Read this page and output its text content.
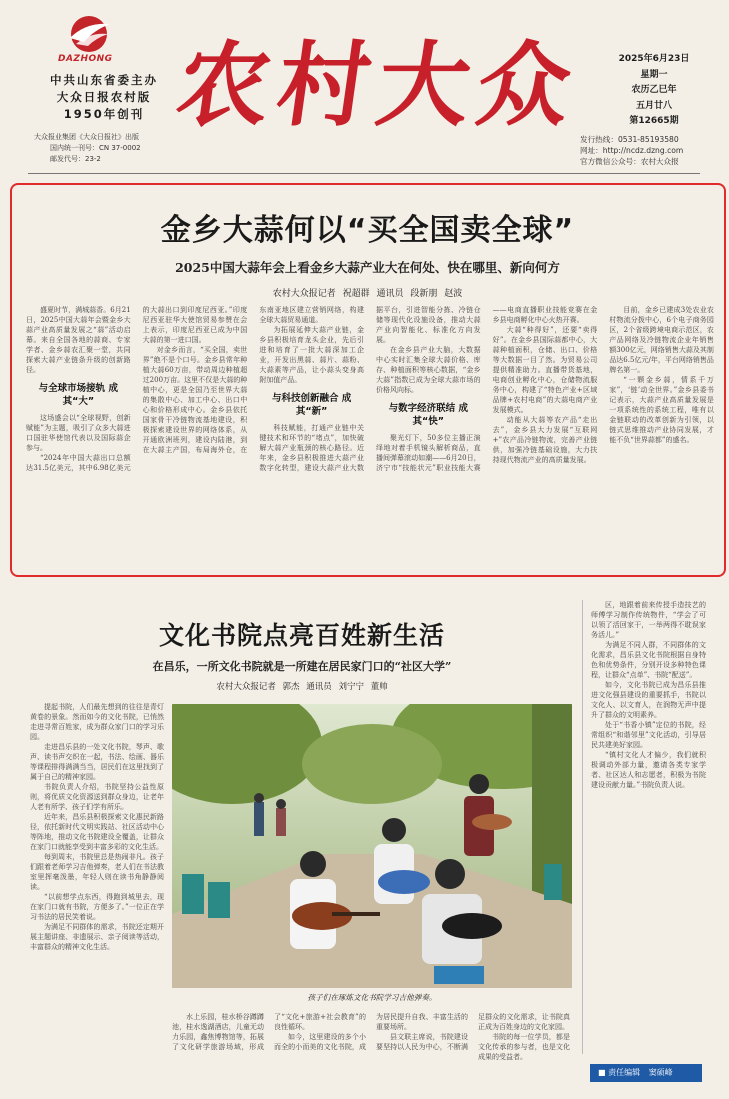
DAZHONG
中共山东省委主办
大众日报农村版
1950年创刊
大众报业集团《大众日报社》出版
国内统一刊号：CN 37-0002
邮发代号：23-2
农
村
大
众	2025年6月23日
星期一
农历乙巳年
五月廿八
第12665期
发行热线：0531-85193580
网址：http://ncdz.dzng.com
官方微信公众号：农村大众报
金乡大蒜何以“买全国卖全球”
2025中国大蒜年会上看金乡大蒜产业大在何处、快在哪里、新向何方
农村大众报记者 祝超群 通讯员 段新朋 赵波

盛夏时节，满城蒜香。6月21日，2025中国大蒜年会暨金乡大蒜产业高质量发展之“蒜”活动启幕。来自全国各地的蒜商、专家学者、金乡蒜农汇聚一堂，共同探索大蒜产业链条升级的创新路径。

与全球市场接轨 成其“大”

这场盛会以“全球视野，创新赋能”为主题，吸引了众多大蒜进口国驻华使馆代表以及国际蒜企参与。

“2024年中国大蒜出口总额达31.5亿美元，其中6.98亿美元的大蒜出口到印度尼西亚。”印度尼西亚驻华大使馆贸易参赞在会上表示，印度尼西亚已成为中国大蒜的第一进口国。

对金乡而言，“买全国，卖世界”绝不是个口号。金乡县常年种植大蒜60万亩，带动周边种植超过200万亩。这里不仅是大蒜的种植中心，更是全国乃至世界大蒜的集散中心、加工中心、出口中心和价格形成中心。金乡县依托国家骨干冷链物流基地建设，积极探索建设世界的网络体系，从开通欧洲班列，建设内陆港，到在大蒜主产国，布局海外仓，在东南亚地区建立营销网络，构建全球大蒜贸易通道。

为拓展延伸大蒜产业链，金乡县积极培育龙头企业，先后引进和培育了一批大蒜深加工企业，开发出黑蒜、蒜片、蒜粉、大蒜素等产品，让小蒜头变身高附加值产品。

与科技创新融合 成其“新”

科技赋能，打通产业链中关键技术和环节的“堵点”，加快破解大蒜产业瓶颈的核心路径。近年来，金乡县积极推进大蒜产业数字化转型，建设大蒜产业大数据平台，引进智能分拣、冷链仓储等现代化设施设备，推动大蒜产业向智能化、标准化方向发展。

在金乡县产业大脑，大数据中心实时汇集全球大蒜价格、库存、种植面积等核心数据，“金乡大蒜”指数已成为全球大蒜市场的价格风向标。

与数字经济联结 成其“快”

聚光灯下，50多位主播正演绎地对着手机镜头解析商品，直播间弹幕滚动如潮——6月20日，济宁市“技能状元”职业技能大赛——电商直播职业技能竞赛在金乡县电商孵化中心火热开赛。

大蒜“种得好”，还要“卖得好”。在金乡县国际蒜都中心，大蒜种植面积，仓储、出口、价格等大数据一目了然。为贸易公司提供精准助力。直播带货基地，电商创业孵化中心，仓储物流服务中心，构建了“特色产业+区域品牌+农村电商”的大蒜电商产业发展模式。

动能从大蒜等农产品“走出去”，金乡县大力发展“互联网+”农产品冷链物流，完善产业链供，加强冷链基础设施，大力扶持现代物流产业的高质量发展。

目前，金乡已建成3处农业农村物流分拨中心，6个电子商务园区，2个省级跨境电商示范区，农产品网络及冷链物流企业年销售额300亿元，网络销售大蒜及其制品达6.5亿元/年，平台网络销售品牌名第一。

“一颗金乡蒜，情系千万家”，‘链’动全世界。”金乡县委书记表示，大蒜产业高质量发展是一项系统性的系统工程，唯有以金链联动的改革创新为引领，以链式思维推动产业协同发展，才能不负“世界蒜都”的盛名。

文化书院点亮百姓新生活
在昌乐，一所文化书院就是一所建在居民家门口的“社区大学”
农村大众报记者 郭杰 通讯员 刘宁宁 董帅

提起书院，人们最先想到的往往是青灯黄卷的景象。然而如今的文化书院，已悄然走进寻常百姓家，成为群众家门口的学习乐园。

走进昌乐县的一处文化书院，琴声、歌声、读书声交织在一起，书法、绘画、器乐等课程排得满满当当，居民们在这里找到了属于自己的精神家园。

书院负责人介绍，书院坚持公益性原则，将优质文化资源送到群众身边，让老年人老有所学、孩子们学有所乐。

近年来，昌乐县积极探索文化惠民新路径，依托新时代文明实践站、社区活动中心等阵地，推动文化书院建设全覆盖，让群众在家门口就能享受到丰富多彩的文化生活。

每到周末，书院里总是热闹非凡。孩子们跟着老师学习吉他弹奏，老人们在书法教室里挥毫泼墨，年轻人则在读书角静静阅读。

“以前想学点东西，得跑到城里去，现在家门口就有书院，方便多了。”一位正在学习书法的居民笑着说。

为满足不同群体的需求，书院还定期开展主题讲座、非遗展示、亲子阅读等活动，丰富群众的精神文化生活。

孩子们在琢炼文化书院学习吉他弹奏。

水上乐园，桂水桥谷蹲蹲池，桂水逸湖酒店，儿童无动力乐园，鑫焦博物馆等，拓展了文化研学旅游场域，形成了“文化+旅游+社会教育”的良性循环。

如今，这里建设的多个小而全的小而美的文化书院，成为居民提升自我、丰富生活的重要场所。

县文联主席说，书院建设要坚持以人民为中心，不断满足群众的文化需求，让书院真正成为百姓身边的文化家园。

书院的每一位学员，都是文化传承的参与者，也是文化成果的受益者。

区，地跟着前来传授手造技艺的师傅学习制作传统物件，“学会了可以领了活回家干，一举两得不耽误家务活儿。”

为满足不同人群，不同群体的文化需求，昌乐县文化书院根据自身特色和优势条件，分别开设多种特色课程，让群众“点单”、书院“配送”。

如今，文化书院已成为昌乐县推进文化强县建设的重要抓手，书院以文化人、以文育人，在润物无声中提升了群众的文明素养。

处于“书香小镇”定位的书院，经常组织“和谐邻里”文化活动，引导居民共建美好家园。

“镇村文化人才偏少，我们就积极调动外部力量，邀请各类专家学者、社区达人和志愿者，积极为书院建设贡献力量。”书院负责人说。

■ 责任编辑 窦硕峰
